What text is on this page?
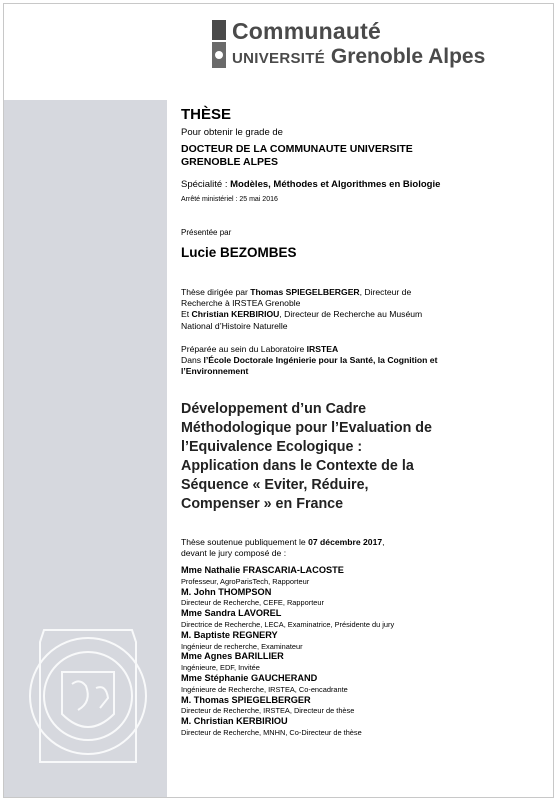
Communauté
UNIVERSITÉ Grenoble Alpes
THÈSE
Pour obtenir le grade de
DOCTEUR DE LA COMMUNAUTE UNIVERSITE
GRENOBLE ALPES
Spécialité : Modèles, Méthodes et Algorithmes en Biologie
Arrêté ministériel : 25 mai 2016
Présentée par
Lucie BEZOMBES
Thèse dirigée par Thomas SPIEGELBERGER, Directeur de
Recherche à IRSTEA Grenoble
Et Christian KERBIRIOU, Directeur de Recherche au Muséum
National d’Histoire Naturelle
Préparée au sein du Laboratoire IRSTEA
Dans l’École Doctorale Ingénierie pour la Santé, la Cognition et
l’Environnement
Développement d’un Cadre
Méthodologique pour l’Evaluation de
l’Equivalence Ecologique :
Application dans le Contexte de la
Séquence « Eviter, Réduire,
Compenser » en France
Thèse soutenue publiquement le 07 décembre 2017,
devant le jury composé de :
Mme Nathalie FRASCARIA-LACOSTE
Professeur, AgroParisTech, Rapporteur
M. John THOMPSON
Directeur de Recherche, CEFE, Rapporteur
Mme Sandra LAVOREL
Directrice de Recherche, LECA, Examinatrice, Présidente du jury
M. Baptiste REGNERY
Ingénieur de recherche, Examinateur
Mme Agnes BARILLIER
Ingénieure, EDF, Invitée
Mme Stéphanie GAUCHERAND
Ingénieure de Recherche, IRSTEA, Co-encadrante
M. Thomas SPIEGELBERGER
Directeur de Recherche, IRSTEA, Directeur de thèse
M. Christian KERBIRIOU
Directeur de Recherche, MNHN, Co-Directeur de thèse
